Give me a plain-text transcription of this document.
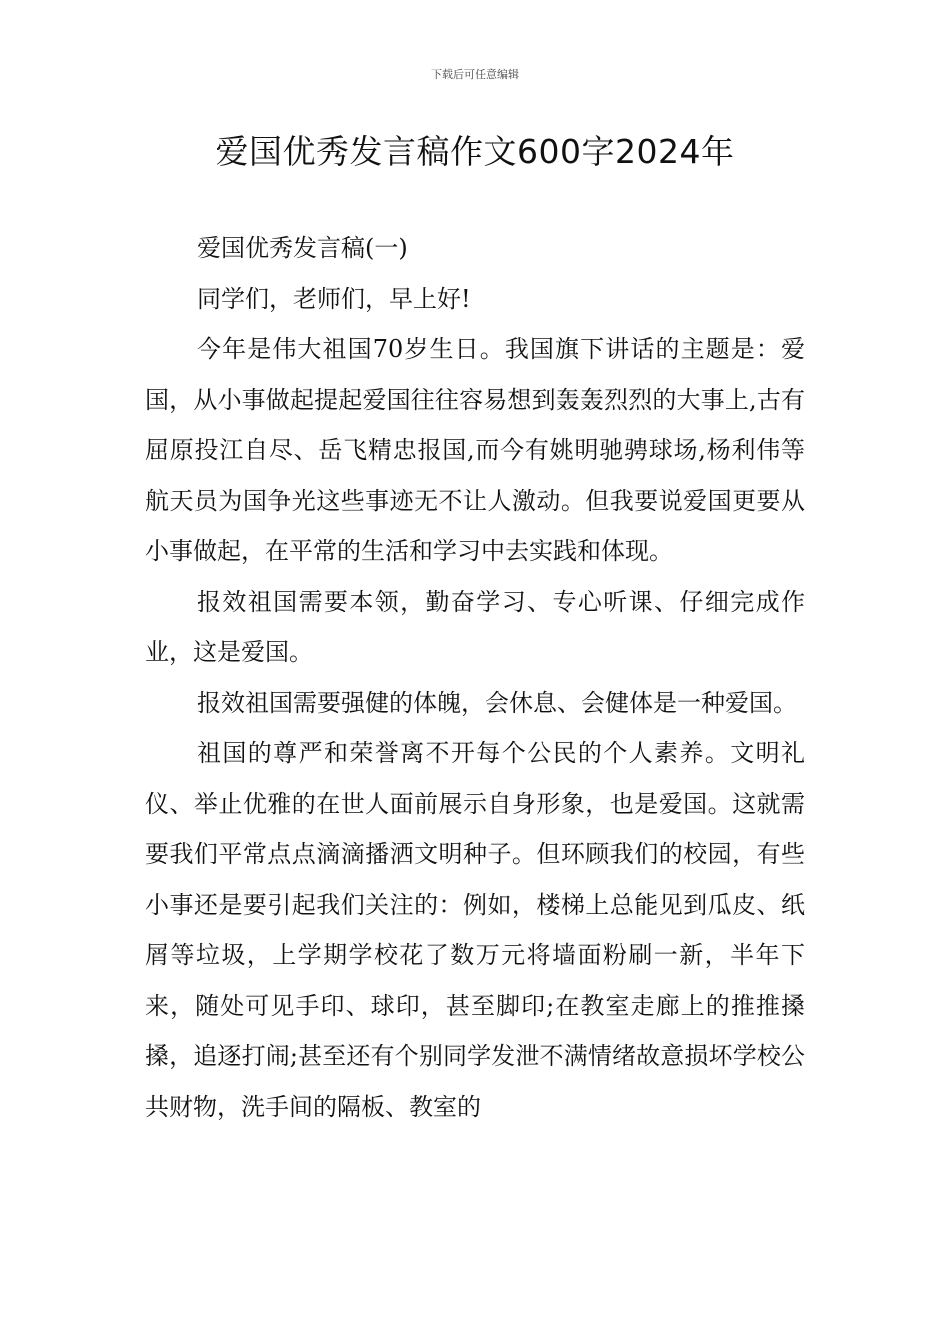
下载后可任意编辑
爱国优秀发言稿作文600字2024年

爱国优秀发言稿(一)

同学们，老师们，早上好!

今年是伟大祖国70岁生日。我国旗下讲话的主题是：爱国，从小事做起提起爱国往往容易想到轰轰烈烈的大事上,古有屈原投江自尽、岳飞精忠报国,而今有姚明驰骋球场,杨利伟等航天员为国争光这些事迹无不让人激动。但我要说爱国更要从小事做起，在平常的生活和学习中去实践和体现。

报效祖国需要本领，勤奋学习、专心听课、仔细完成作业，这是爱国。

报效祖国需要强健的体魄，会休息、会健体是一种爱国。

祖国的尊严和荣誉离不开每个公民的个人素养。文明礼仪、举止优雅的在世人面前展示自身形象，也是爱国。这就需要我们平常点点滴滴播洒文明种子。但环顾我们的校园，有些小事还是要引起我们关注的：例如，楼梯上总能见到瓜皮、纸屑等垃圾，上学期学校花了数万元将墙面粉刷一新，半年下来，随处可见手印、球印，甚至脚印;在教室走廊上的推推搡搡，追逐打闹;甚至还有个别同学发泄不满情绪故意损坏学校公共财物，洗手间的隔板、教室的
